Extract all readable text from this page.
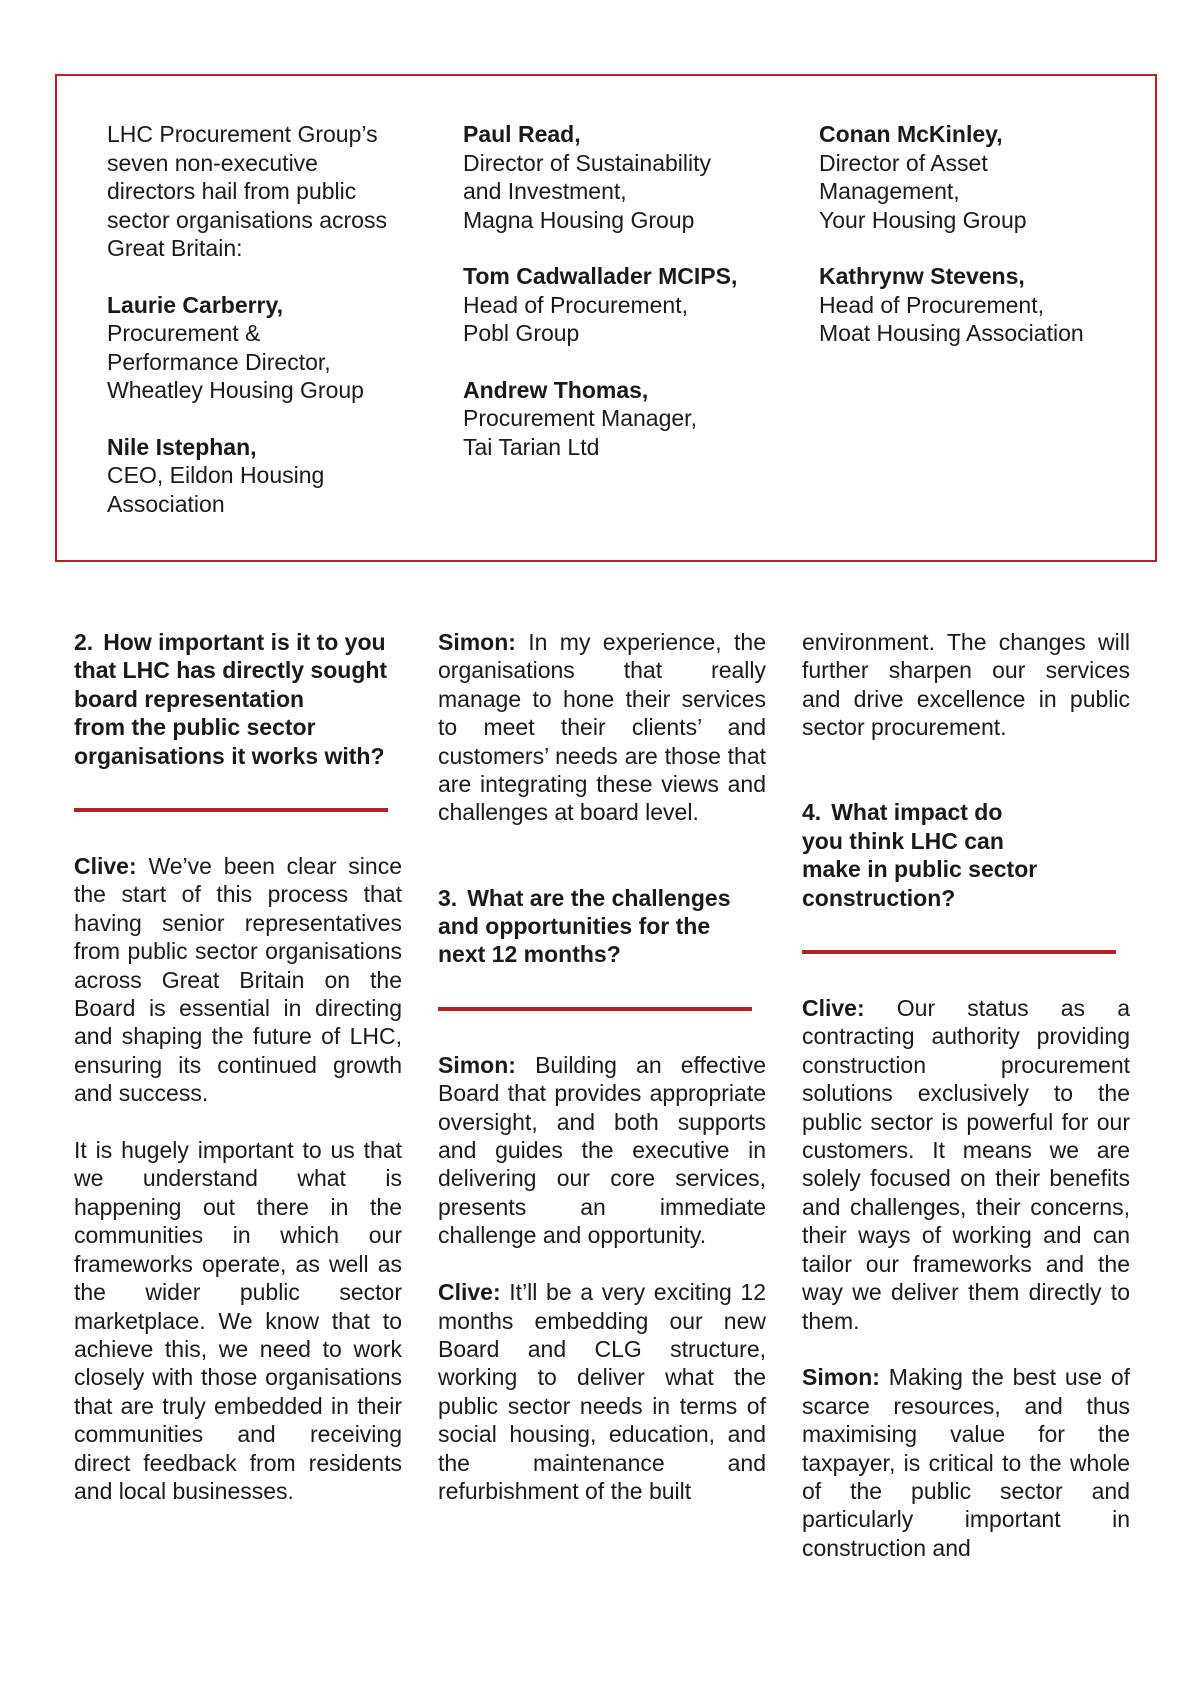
LHC Procurement Group’s
seven non-executive
directors hail from public
sector organisations across
Great Britain:
Laurie Carberry,
Procurement &
Performance Director,
Wheatley Housing Group
Nile Istephan,
CEO, Eildon Housing
Association
Paul Read,
Director of Sustainability
and Investment,
Magna Housing Group
Tom Cadwallader MCIPS,
Head of Procurement,
Pobl Group
Andrew Thomas,
Procurement Manager,
Tai Tarian Ltd
Conan McKinley,
Director of Asset
Management,
Your Housing Group
Kathrynw Stevens,
Head of Procurement,
Moat Housing Association
2. How important is it to you
that LHC has directly sought
board representation
from the public sector
organisations it works with?

Clive: We’ve been clear since the start of this process that having senior representatives from public sector organisations across Great Britain on the Board is essential in directing and shaping the future of LHC, ensuring its continued growth and success.

It is hugely important to us that we understand what is happening out there in the communities in which our frameworks operate, as well as the wider public sector marketplace. We know that to achieve this, we need to work closely with those organisations that are truly embedded in their communities and receiving direct feedback from residents and local businesses.

Simon: In my experience, the organisations that really manage to hone their services to meet their clients’ and customers’ needs are those that are integrating these views and challenges at board level.

3. What are the challenges
and opportunities for the
next 12 months?

Simon: Building an effective Board that provides appropriate oversight, and both supports and guides the executive in delivering our core services, presents an immediate challenge and opportunity.

Clive: It’ll be a very exciting 12 months embedding our new Board and CLG structure, working to deliver what the public sector needs in terms of social housing, education, and the maintenance and refurbishment of the built

environment. The changes will further sharpen our services and drive excellence in public sector procurement.

4. What impact do
you think LHC can
make in public sector
construction?

Clive: Our status as a contracting authority providing construction procurement solutions exclusively to the public sector is powerful for our customers. It means we are solely focused on their benefits and challenges, their concerns, their ways of working and can tailor our frameworks and the way we deliver them directly to them.

Simon: Making the best use of scarce resources, and thus maximising value for the taxpayer, is critical to the whole of the public sector and particularly important in construction and
